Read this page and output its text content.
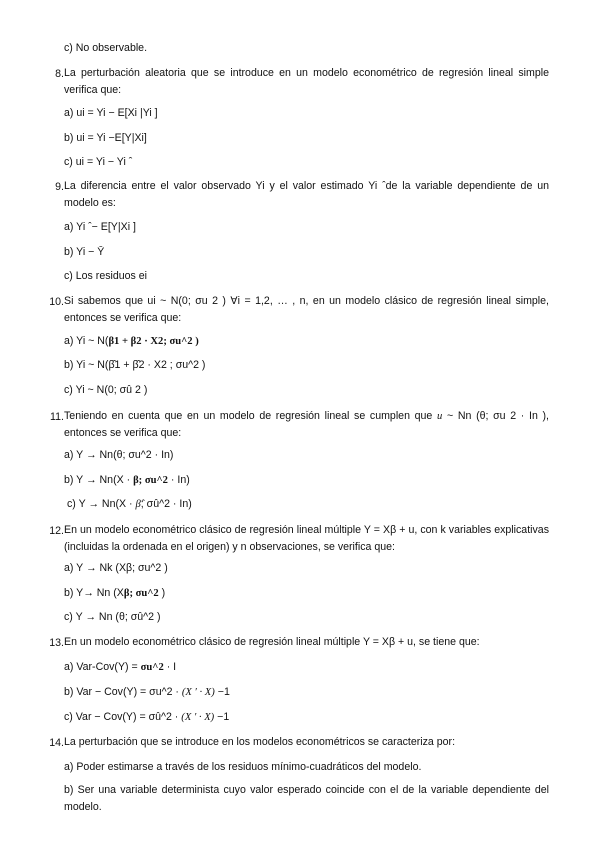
c) No observable.
8. La perturbación aleatoria que se introduce en un modelo econométrico de regresión lineal simple verifica que:
a) ui = Yi − E[Xi |Yi ]
b) ui = Yi −E[Y|Xi]
c) ui = Yi − Yi ˆ
9. La diferencia entre el valor observado Yi y el valor estimado Yi ˆde la variable dependiente de un modelo es:
a) Yi ˆ− E[Y|Xi ]
b) Yi − Ȳ
c) Los residuos ei
10. Si sabemos que ui ~ N(0; σu 2 ) ∀i = 1,2, … , n, en un modelo clásico de regresión lineal simple, entonces se verifica que:
a) Yi ~ N(β1 + β2 · X2; σu^2 )
b) Yi ~ N(β̂1 + β̂2 · X2 ; σu^2 )
c) Yi ~ N(0; σû 2 )
11. Teniendo en cuenta que en un modelo de regresión lineal se cumplen que u ~ Nn (θ; σu 2 · In ), entonces se verifica que:
a) Y → Nn(θ; σu^2 · In)
b) Y → Nn(X · β; σu^2 · In)
c) Y → Nn(X · β̂; σû^2 · In)
12. En un modelo econométrico clásico de regresión lineal múltiple Y = Xβ + u, con k variables explicativas (incluidas la ordenada en el origen) y n observaciones, se verifica que:
a) Y → Nk (Xβ; σu^2 )
b) Y→ Nn (Xβ; σu^2 )
c) Y → Nn (θ; σû^2 )
13. En un modelo econométrico clásico de regresión lineal múltiple Y = Xβ + u, se tiene que:
a) Var-Cov(Y) = σu^2 · I
b) Var − Cov(Y) = σu^2 · (X ′ · X) −1
c) Var − Cov(Y) = σû^2 · (X ′ · X) −1
14. La perturbación que se introduce en los modelos econométricos se caracteriza por:
a) Poder estimarse a través de los residuos mínimo-cuadráticos del modelo.
b) Ser una variable determinista cuyo valor esperado coincide con el de la variable dependiente del modelo.
